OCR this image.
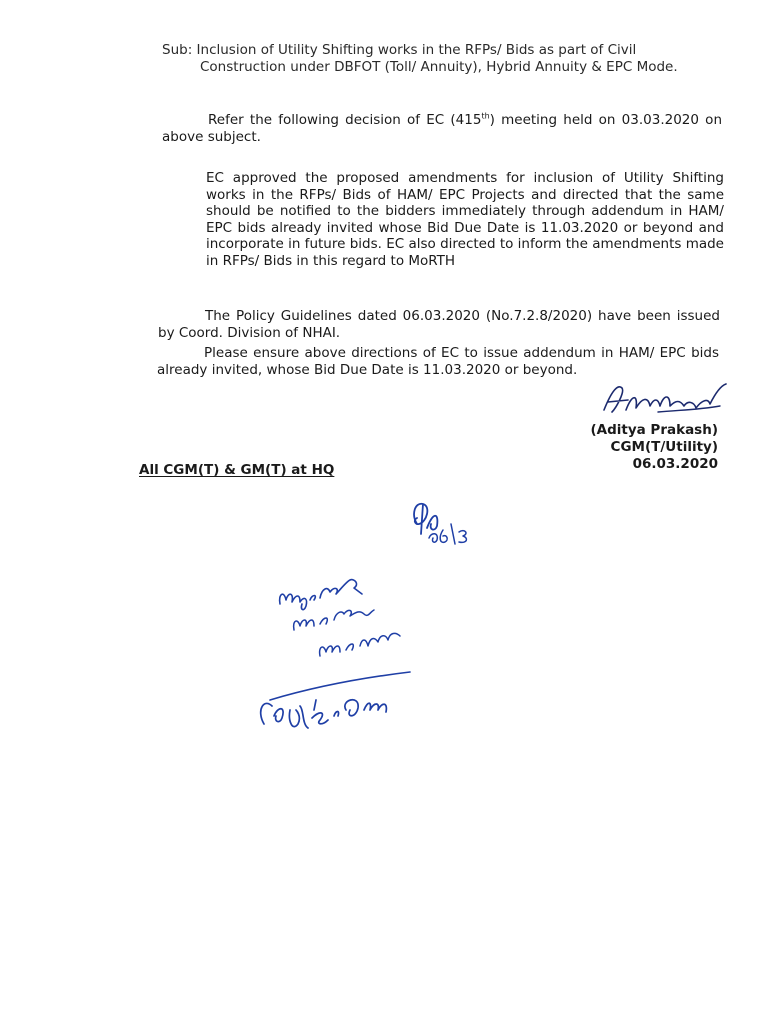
Sub: Inclusion of Utility Shifting works in the RFPs/ Bids as part of Civil
Construction under DBFOT (Toll/ Annuity), Hybrid Annuity & EPC Mode.
Refer the following decision of EC (415th) meeting held on 03.03.2020 on above subject.
EC approved the proposed amendments for inclusion of Utility Shifting works in the RFPs/ Bids of HAM/ EPC Projects and directed that the same should be notified to the bidders immediately through addendum in HAM/ EPC bids already invited whose Bid Due Date is 11.03.2020 or beyond and incorporate in future bids. EC also directed to inform the amendments made in RFPs/ Bids in this regard to MoRTH
The Policy Guidelines dated 06.03.2020 (No.7.2.8/2020) have been issued by Coord. Division of NHAI.
Please ensure above directions of EC to issue addendum in HAM/ EPC bids already invited, whose Bid Due Date is 11.03.2020 or beyond.
(Aditya Prakash)
CGM(T/Utility)
06.03.2020
All CGM(T) & GM(T) at HQ
